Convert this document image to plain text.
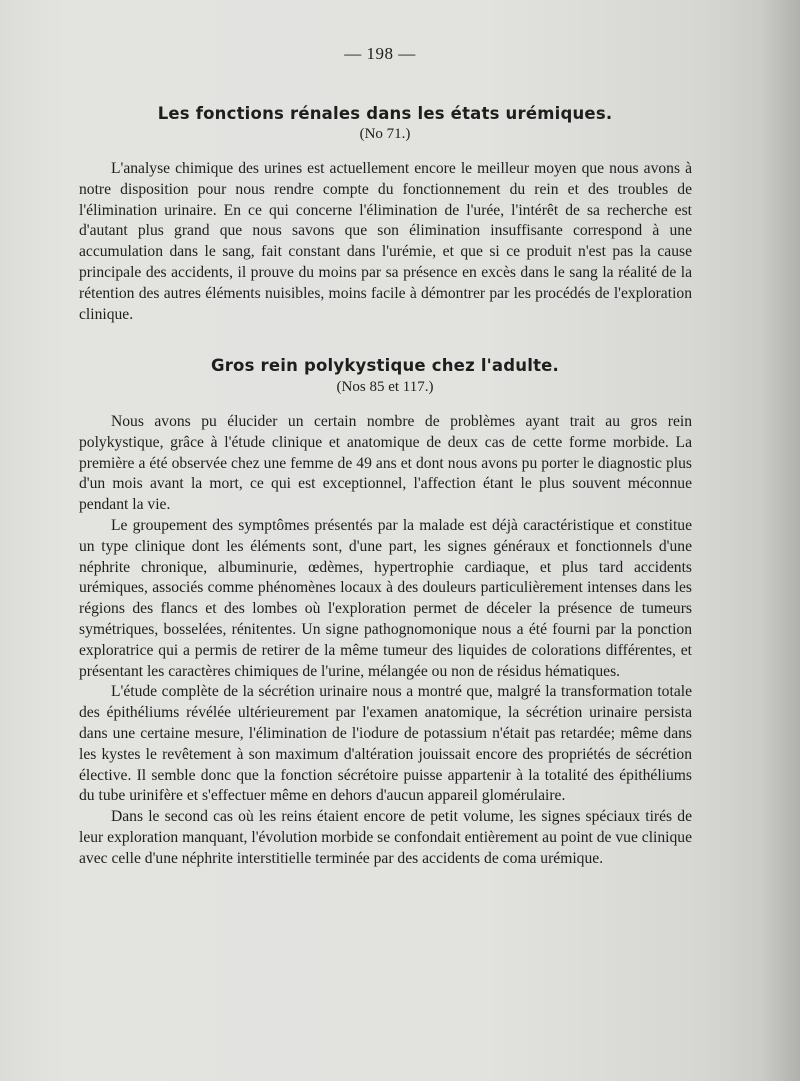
— 198 —
Les fonctions rénales dans les états urémiques.
(No 71.)

L'analyse chimique des urines est actuellement encore le meilleur moyen que nous avons à notre disposition pour nous rendre compte du fonctionnement du rein et des troubles de l'élimination urinaire. En ce qui concerne l'élimination de l'urée, l'intérêt de sa recherche est d'autant plus grand que nous savons que son élimination insuffisante correspond à une accumulation dans le sang, fait constant dans l'urémie, et que si ce produit n'est pas la cause principale des accidents, il prouve du moins par sa présence en excès dans le sang la réalité de la rétention des autres éléments nuisibles, moins facile à démontrer par les procédés de l'exploration clinique.

Gros rein polykystique chez l'adulte.
(Nos 85 et 117.)

Nous avons pu élucider un certain nombre de problèmes ayant trait au gros rein polykystique, grâce à l'étude clinique et anatomique de deux cas de cette forme morbide. La première a été observée chez une femme de 49 ans et dont nous avons pu porter le diagnostic plus d'un mois avant la mort, ce qui est exceptionnel, l'affection étant le plus souvent méconnue pendant la vie.

Le groupement des symptômes présentés par la malade est déjà caractéristique et constitue un type clinique dont les éléments sont, d'une part, les signes généraux et fonctionnels d'une néphrite chronique, albuminurie, œdèmes, hypertrophie cardiaque, et plus tard accidents urémiques, associés comme phénomènes locaux à des douleurs particulièrement intenses dans les régions des flancs et des lombes où l'exploration permet de déceler la présence de tumeurs symétriques, bosselées, rénitentes. Un signe pathognomonique nous a été fourni par la ponction exploratrice qui a permis de retirer de la même tumeur des liquides de colorations différentes, et présentant les caractères chimiques de l'urine, mélangée ou non de résidus hématiques.

L'étude complète de la sécrétion urinaire nous a montré que, malgré la transformation totale des épithéliums révélée ultérieurement par l'examen anatomique, la sécrétion urinaire persista dans une certaine mesure, l'élimination de l'iodure de potassium n'était pas retardée; même dans les kystes le revêtement à son maximum d'altération jouissait encore des propriétés de sécrétion élective. Il semble donc que la fonction sécrétoire puisse appartenir à la totalité des épithéliums du tube urinifère et s'effectuer même en dehors d'aucun appareil glomérulaire.

Dans le second cas où les reins étaient encore de petit volume, les signes spéciaux tirés de leur exploration manquant, l'évolution morbide se confondait entièrement au point de vue clinique avec celle d'une néphrite interstitielle terminée par des accidents de coma urémique.
